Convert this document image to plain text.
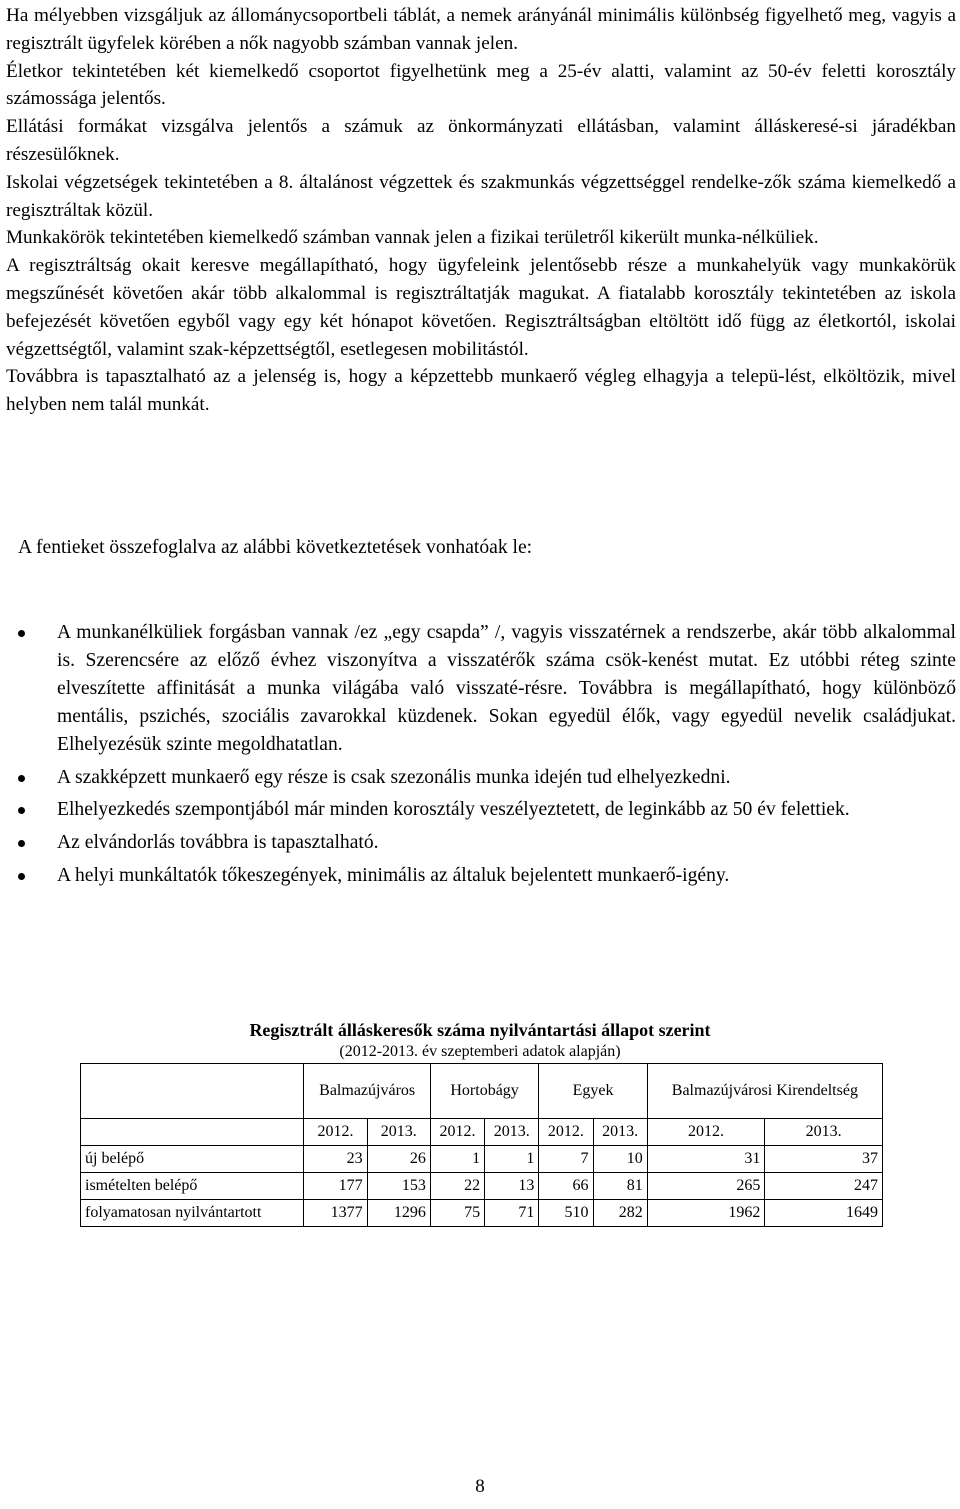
Ha mélyebben vizsgáljuk az állománycsoportbeli táblát, a nemek arányánál minimális különbség figyelhető meg, vagyis a regisztrált ügyfelek körében a nők nagyobb számban vannak jelen.

Életkor tekintetében két kiemelkedő csoportot figyelhetünk meg a 25-év alatti, valamint az 50-év feletti korosztály számossága jelentős.

Ellátási formákat vizsgálva jelentős a számuk az önkormányzati ellátásban, valamint álláskeresé-si járadékban részesülőknek.

Iskolai végzetségek tekintetében a 8. általánost végzettek és szakmunkás végzettséggel rendelke-zők száma kiemelkedő a regisztráltak közül.

Munkakörök tekintetében kiemelkedő számban vannak jelen a fizikai területről kikerült munka-nélküliek.

A regisztráltság okait keresve megállapítható, hogy ügyfeleink jelentősebb része a munkahelyük vagy munkakörük megszűnését követően akár több alkalommal is regisztráltatják magukat. A fiatalabb korosztály tekintetében az iskola befejezését követően egyből vagy egy két hónapot követően. Regisztráltságban eltöltött idő függ az életkortól, iskolai végzettségtől, valamint szak-képzettségtől, esetlegesen mobilitástól.

Továbbra is tapasztalható az a jelenség is, hogy a képzettebb munkaerő végleg elhagyja a telepü-lést, elköltözik, mivel helyben nem talál munkát.

A fentieket összefoglalva az alábbi következtetések vonhatóak le:

A munkanélküliek forgásban vannak /ez „egy csapda” /, vagyis visszatérnek a rendszerbe, akár több alkalommal is. Szerencsére az előző évhez viszonyítva a visszatérők száma csök-kenést mutat. Ez utóbbi réteg szinte elveszítette affinitását a munka világába való visszaté-résre. Továbbra is megállapítható, hogy különböző mentális, pszichés, szociális zavarokkal küzdenek. Sokan egyedül élők, vagy egyedül nevelik családjukat. Elhelyezésük szinte megoldhatatlan.
A szakképzett munkaerő egy része is csak szezonális munka idején tud elhelyezkedni.
Elhelyezkedés szempontjából már minden korosztály veszélyeztetett, de leginkább az 50 év felettiek.
Az elvándorlás továbbra is tapasztalható.
A helyi munkáltatók tőkeszegények, minimális az általuk bejelentett munkaerő-igény.

Regisztrált álláskeresők száma nyilvántartási állapot szerint

(2012-2013. év szeptemberi adatok alapján)

	Balmazújváros		Hortobágy		Egyek		Balmazújvárosi Kirendeltség	
	2012.	2013.	2012.	2013.	2012.	2013.	2012.	2013.
új belépő	23	26	1	1	7	10	31	37
ismételten belépő	177	153	22	13	66	81	265	247
folyamatosan nyilvántartott	1377	1296	75	71	510	282	1962	1649

8
